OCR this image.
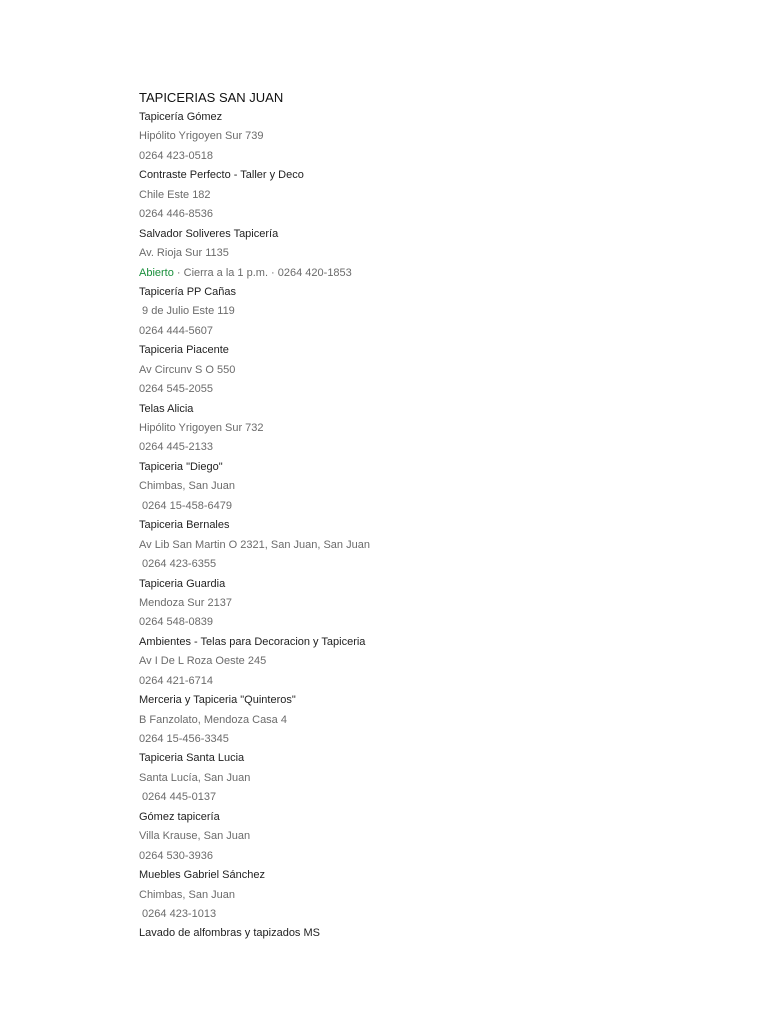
TAPICERIAS SAN JUAN
Tapicería Gómez
Hipólito Yrigoyen Sur 739
0264 423-0518
Contraste Perfecto - Taller y Deco
Chile Este 182
0264 446-8536
Salvador Soliveres Tapicería
Av. Rioja Sur 1135
Abierto · Cierra a la 1 p.m. · 0264 420-1853
Tapicería PP Cañas
9 de Julio Este 119
0264 444-5607
Tapiceria Piacente
Av Circunv S O 550
0264 545-2055
Telas Alicia
Hipólito Yrigoyen Sur 732
0264 445-2133
Tapiceria "Diego"
Chimbas, San Juan
0264 15-458-6479
Tapiceria Bernales
Av Lib San Martin O 2321, San Juan, San Juan
0264 423-6355
Tapiceria Guardia
Mendoza Sur 2137
0264 548-0839
Ambientes - Telas para Decoracion y Tapiceria
Av I De L Roza Oeste 245
0264 421-6714
Merceria y Tapiceria "Quinteros"
B Fanzolato, Mendoza Casa 4
0264 15-456-3345
Tapiceria Santa Lucia
Santa Lucía, San Juan
0264 445-0137
Gómez tapicería
Villa Krause, San Juan
0264 530-3936
Muebles Gabriel Sánchez
Chimbas, San Juan
0264 423-1013
Lavado de alfombras y tapizados MS
